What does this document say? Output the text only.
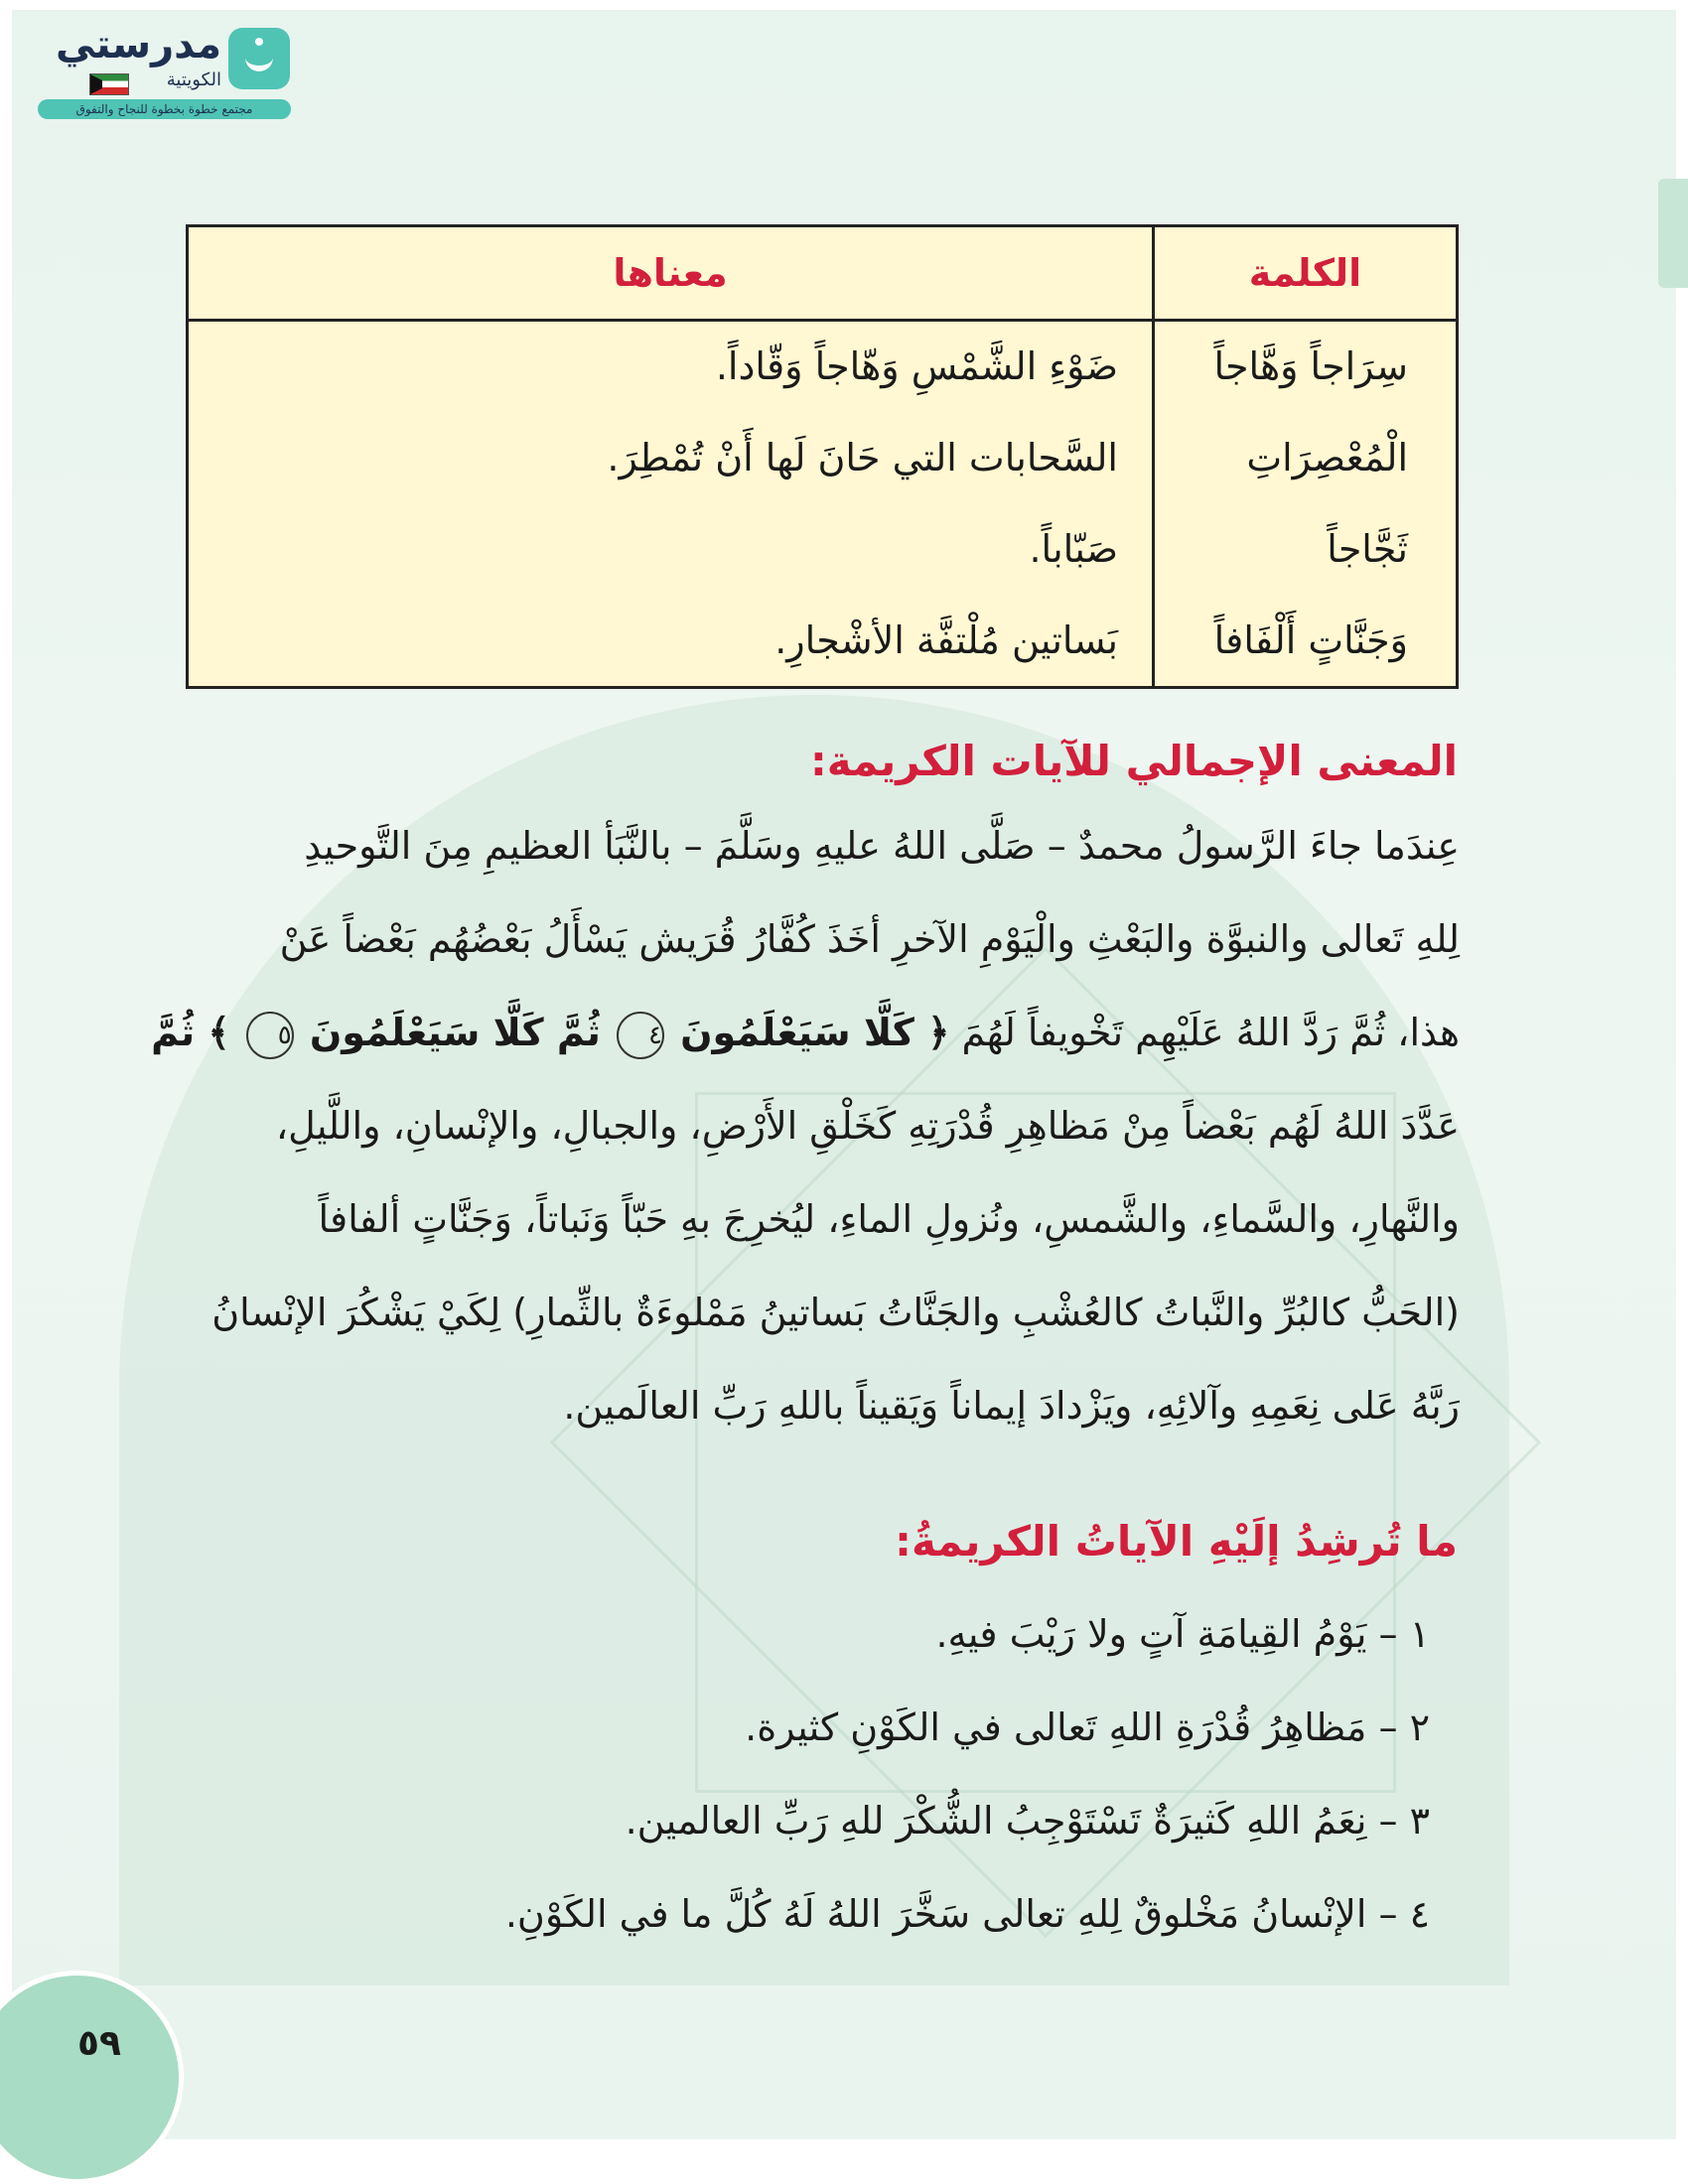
مدرستي
الكويتية
مجتمع خطوة بخطوة للنجاح والتفوق
الكلمة
معناها
سِرَاجاً وَهَّاجاً
ضَوْءِ الشَّمْسِ وَهّاجاً وَقّاداً.
الْمُعْصِرَاتِ
السَّحابات التي حَانَ لَها أَنْ تُمْطِرَ.
ثَجَّاجاً
صَبّاباً.
وَجَنَّاتٍ أَلْفَافاً
بَساتين مُلْتفَّة الأشْجارِ.
المعنى الإجمالي للآيات الكريمة:
عِندَما جاءَ الرَّسولُ محمدٌ – صَلَّى اللهُ عليهِ وسَلَّمَ – بالنَّبَأ العظيمِ مِنَ التَّوحيدِ
لِلهِ تَعالى والنبوَّة والبَعْثِ والْيَوْمِ الآخرِ أخَذَ كُفَّارُ قُرَيش يَسْأَلُ بَعْضُهُم بَعْضاً عَنْ
هذا، ثُمَّ رَدَّ اللهُ عَلَيْهِم تَخْويفاً لَهُمَ ﴿ كَلَّا سَيَعْلَمُونَ ٤ ثُمَّ كَلَّا سَيَعْلَمُونَ ٥ ﴾ ثُمَّ
عَدَّدَ اللهُ لَهُم بَعْضاً مِنْ مَظاهِرِ قُدْرَتِهِ كَخَلْقِ الأَرْضِ، والجبالِ، والإنْسانِ، واللَّيلِ،
والنَّهارِ، والسَّماءِ، والشَّمسِ، ونُزولِ الماءِ، ليُخرِجَ بهِ حَبّاً وَنَباتاً، وَجَنَّاتٍ ألفافاً
(الحَبُّ كالبُرِّ والنَّباتُ كالعُشْبِ والجَنَّاتُ بَساتينُ مَمْلوءَةٌ بالثِّمارِ) لِكَيْ يَشْكُرَ الإنْسانُ
رَبَّهُ عَلى نِعَمِهِ وآلائِهِ، ويَزْدادَ إيماناً وَيَقيناً باللهِ رَبِّ العالَمين.
ما تُرشِدُ إلَيْهِ الآياتُ الكريمةُ:
١ – يَوْمُ القِيامَةِ آتٍ ولا رَيْبَ فيهِ.
٢ – مَظاهِرُ قُدْرَةِ اللهِ تَعالى في الكَوْنِ كثيرة.
٣ – نِعَمُ اللهِ كَثيرَةٌ تَسْتَوْجِبُ الشُّكْرَ للهِ رَبِّ العالمين.
٤ – الإنْسانُ مَخْلوقٌ لِلهِ تعالى سَخَّرَ اللهُ لَهُ كُلَّ ما في الكَوْنِ.
٥٩
